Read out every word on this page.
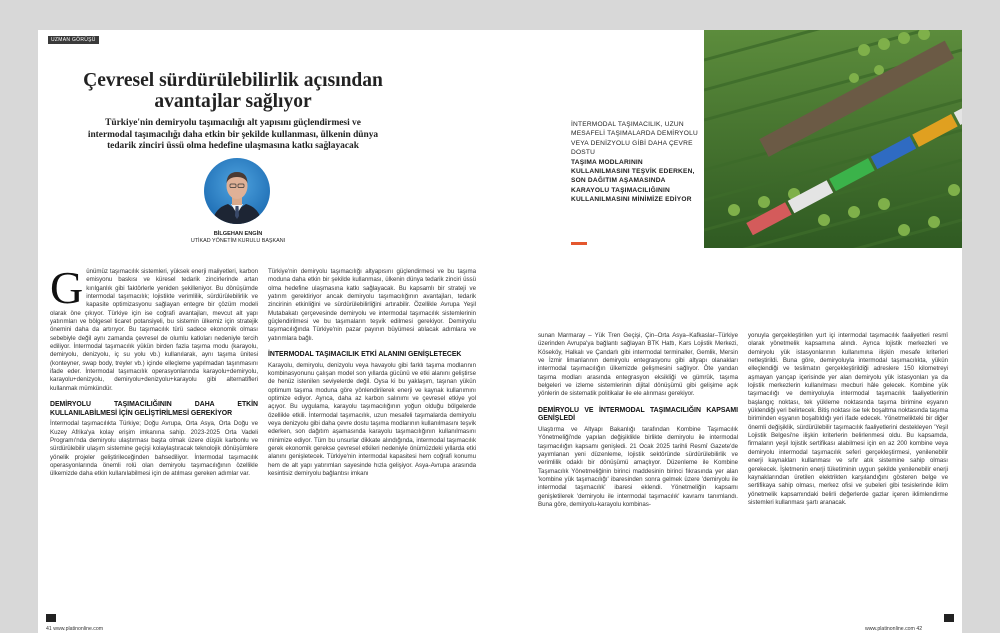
UZMAN GÖRÜŞÜ
Çevresel sürdürülebilirlik açısından avantajlar sağlıyor
Türkiye'nin demiryolu taşımacılığı alt yapısını güçlendirmesi ve intermodal taşımacılığı daha etkin bir şekilde kullanması, ülkenin dünya tedarik zinciri üssü olma hedefine ulaşmasına katkı sağlayacak
BİLGEHAN ENGİN
UTİKAD YÖNETİM KURULU BAŞKANI
G ünümüz taşımacılık sistemleri, yüksek enerji maliyetleri, karbon emisyonu baskısı ve küresel tedarik zincirlerinde artan kırılganlık gibi faktörlerle yeniden şekilleniyor. Bu dönüşümde intermodal taşımacılık; lojistikte verimlilik, sürdürülebilirlik ve kapasite optimizasyonu sağlayan entegre bir çözüm modeli olarak öne çıkıyor. Türkiye için ise coğrafi avantajları, mevcut alt yapı yatırımları ve bölgesel ticaret potansiyeli, bu sistemin ülkemiz için stratejik önemini daha da artırıyor. Bu taşımacılık türü sadece ekonomik olması sebebiyle değil aynı zamanda çevresel de olumlu katkıları nedeniyle tercih ediliyor. İntermodal taşımacılık yükün birden fazla taşıma modu (karayolu, demiryolu, denizyolu, iç su yolu vb.) kullanılarak, aynı taşıma ünitesi (konteyner, swap body, treyler vb.) içinde elleçleme yapılmadan taşınmasını ifade eder. İntermodal taşımacılık operasyonlarında karayolu+demiryolu, karayolu+denizyolu, demiryolu+denizyolu+karayolu gibi alternatifleri kullanmak mümkündür.

DEMİRYOLU TAŞIMACILIĞININ DAHA ETKİN KULLANILABİLMESİ İÇİN GELİŞTİRİLMESİ GEREKİYOR

İntermodal taşımacılıkta Türkiye; Doğu Avrupa, Orta Asya, Orta Doğu ve Kuzey Afrika'ya kolay erişim imkanına sahip. 2023-2025 Orta Vadeli Programı'nda demiryolu ulaştırması başta olmak üzere düşük karbonlu ve sürdürülebilir ulaşım sistemine geçişi kolaylaştıracak teknolojik dönüşümlere yönelik projeler geliştirileceğinden bahsediliyor. İntermodal taşımacılık operasyonlarında önemli rolü olan demiryolu taşımacılığının özellikle ülkemizde daha etkin kullanılabilmesi için de atılması gereken adımlar var.

Türkiye'nin demiryolu taşımacılığı altyapısını güçlendirmesi ve bu taşıma moduna daha etkin bir şekilde kullanması, ülkenin dünya tedarik zinciri üssü olma hedefine ulaşmasına katkı sağlayacak. Bu kapsamlı bir strateji ve yatırım gerektiriyor ancak demiryolu taşımacılığının avantajları, tedarik zincirinin etkinliğini ve sürdürülebilirliğini artırabilir. Özellikle Avrupa Yeşil Mutabakatı çerçevesinde demiryolu ve intermodal taşımacılık sistemlerinin güçlendirilmesi ve bu taşımaların teşvik edilmesi gerekiyor. Demiryolu taşımacılığında Türkiye'nin pazar payının büyümesi atılacak adımlara ve yatırımlara bağlı.

İNTERMODAL TAŞIMACILIK ETKİ ALANINI GENİŞLETECEK

Karayolu, demiryolu, denizyolu veya havayolu gibi farklı taşıma modlarının kombinasyonunu çalışan model son yıllarda gücünü ve etki alanını geliştirse de henüz istenilen seviyelerde değil. Oysa ki bu yaklaşım, taşınan yükün optimum taşıma moduna göre yönlendirilerek enerji ve kaynak kullanımını optimize ediyor. Ayrıca, daha az karbon salınımı ve çevresel etkiye yol açıyor. Bu uygulama, karayolu taşımacılığının yoğun olduğu bölgelerde özellikle etkili. İntermodal taşımacılık, uzun mesafeli taşımalarda demiryolu veya denizyolu gibi daha çevre dostu taşıma modlarının kullanılmasını teşvik ederken, son dağıtım aşamasında karayolu taşımacılığının kullanılmasını minimize ediyor. Tüm bu unsurlar dikkate alındığında, intermodal taşımacılık gerek ekonomik gerekse çevresel etkileri nedeniyle önümüzdeki yıllarda etki alanını genişletecek. Türkiye'nin intermodal kapasitesi hem coğrafi konumu hem de alt yapı yatırımları sayesinde hızla gelişiyor. Asya-Avrupa arasında kesintisiz demiryolu bağlantısı imkanı

41 www.platinonline.com
İNTERMODAL TAŞIMACILIK, UZUN MESAFELİ TAŞIMALARDA DEMİRYOLU VEYA DENİZYOLU GİBİ DAHA ÇEVRE DOSTU
TAŞIMA MODLARININ KULLANILMASINI TEŞVİK EDERKEN, SON DAĞITIM AŞAMASINDA KARAYOLU TAŞIMACILIĞININ KULLANILMASINI MİNİMİZE EDİYOR

sunan Marmaray – Yük Tren Geçişi, Çin–Orta Asya–Kafkaslar–Türkiye üzerinden Avrupa'ya bağlantı sağlayan BTK Hattı, Kars Lojistik Merkezi, Köseköy, Halkalı ve Çandarlı gibi intermodal terminaller, Gemlik, Mersin ve İzmir limanlarının demiryolu entegrasyonu gibi altyapı olanakları intermodal taşımacılığın ülkemizde gelişmesini sağlıyor. Öte yandan taşıma modları arasında entegrasyon eksikliği ve gümrük, taşıma belgeleri ve izleme sistemlerinin dijital dönüşümü gibi gelişime açık yönlerin de sistematik politikalar ile ele alınması gerekiyor.

DEMİRYOLU VE İNTERMODAL TAŞIMACILIĞIN KAPSAMI GENİŞLEDİ

Ulaştırma ve Altyapı Bakanlığı tarafından Kombine Taşımacılık Yönetmeliği'nde yapılan değişiklikle birlikte demiryolu ile intermodal taşımacılığın kapsamı genişledi. 21 Ocak 2025 tarihli Resmî Gazete'de yayımlanan yeni düzenleme, lojistik sektöründe sürdürülebilirlik ve verimlilik odaklı bir dönüşümü amaçlıyor. Düzenleme ile Kombine Taşımacılık Yönetmeliğinin birinci maddesinin birinci fıkrasında yer alan 'kombine yük taşımacılığı' ibaresinden sonra gelmek üzere 'demiryolu ile intermodal taşımacılık' ibaresi eklendi. Yönetmeliğin kapsamı genişletilerek 'demiryolu ile intermodal taşımacılık' kavramı tanımlandı. Buna göre, demiryolu-karayolu kombinas-

yonuyla gerçekleştirilen yurt içi intermodal taşımacılık faaliyetleri resmî olarak yönetmelik kapsamına alındı. Ayrıca lojistik merkezleri ve demiryolu yük istasyonlarının kullanımına ilişkin mesafe kriterleri netleştirildi. Buna göre, demiryoluyla intermodal taşımacılıkta, yükün elleçlendiği ve teslimatın gerçekleştirildiği adreslere 150 kilometreyi aşmayan yarıçap içerisinde yer alan demiryolu yük istasyonları ya da lojistik merkezlerin kullanılması mecburi hâle gelecek. Kombine yük taşımacılığı ve demiryoluyla intermodal taşımacılık faaliyetlerinin başlangıç noktası, tek yükleme noktasında taşıma birimine eşyanın yüklendiği yeri belirtecek. Bitiş noktası ise tek boşaltma noktasında taşıma biriminden eşyanın boşaltıldığı yeri ifade edecek. Yönetmelikteki bir diğer önemli değişiklik, sürdürülebilir taşımacılık faaliyetlerini destekleyen 'Yeşil Lojistik Belgesi'ne ilişkin kriterlerin belirlenmesi oldu. Bu kapsamda, firmaların yeşil lojistik sertifikası alabilmesi için en az 200 kombine veya demiryolu intermodal taşımacılık seferi gerçekleştirmesi, yenilenebilir enerji kaynakları kullanması ve sıfır atık sistemine sahip olması gerekecek. İşletmenin enerji tüketiminin uygun şekilde yenilenebilir enerji kaynaklarından üretilen elektrikten karşılandığını gösteren belge ve sertifikaya sahip olması, merkez ofisi ve şubeleri gibi tesislerinde iklim yönetmelik kapsamındaki belirli değerlerde gazlar içeren iklimlendirme sistemleri kullanması şartı aranacak.

www.platinonline.com 42
